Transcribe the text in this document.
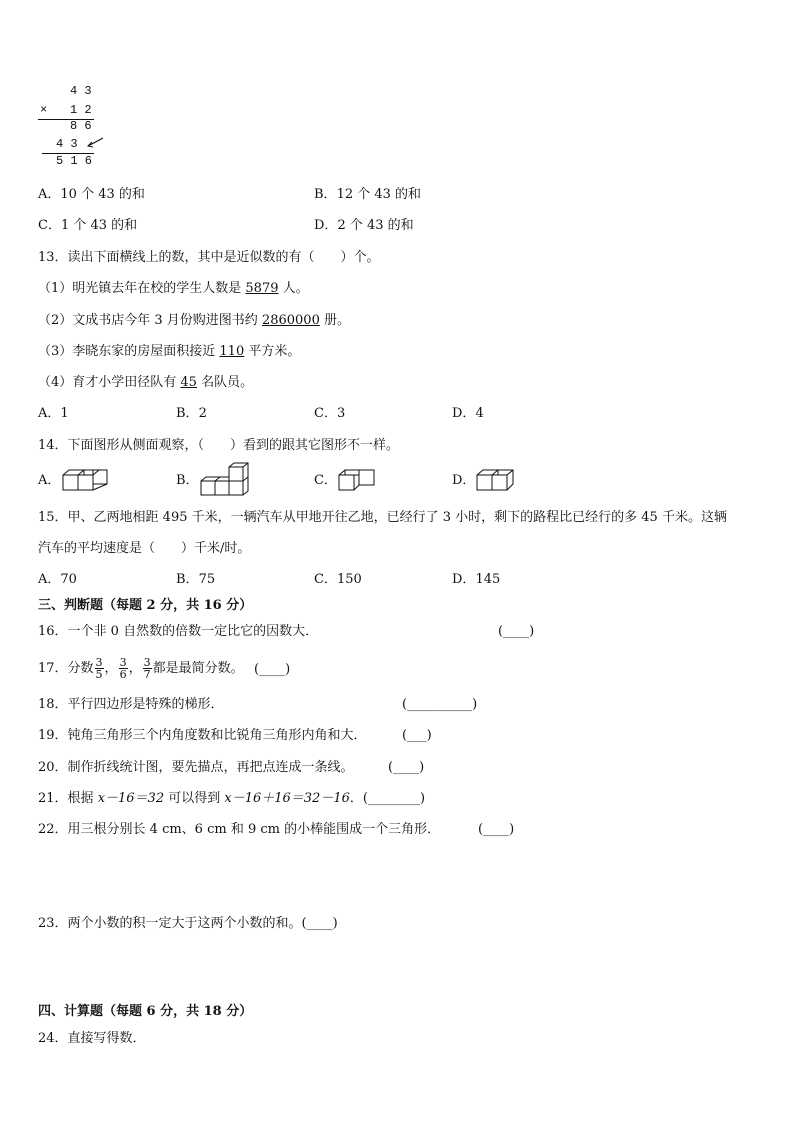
4 3
× 1 2
8 6
4 3
5 1 6
A．10 个 43 的和	B．12 个 43 的和
C．1 个 43 的和	D．2 个 43 的和
13．读出下面横线上的数，其中是近似数的有（　　）个。
（1）明光镇去年在校的学生人数是 5879 人。
（2）文成书店今年 3 月份购进图书约 2860000 册。
（3）李晓东家的房屋面积接近 110 平方米。
（4）育才小学田径队有 45 名队员。
A．1	B．2	C．3	D．4
14．下面图形从侧面观察，（　　）看到的跟其它图形不一样。
A．	B．	C．	D．
15．甲、乙两地相距 495 千米，一辆汽车从甲地开往乙地，已经行了 3 小时，剩下的路程比已经行的多 45 千米。这辆
汽车的平均速度是（　　）千米/时。
A．70	B．75	C．150	D．145
三、判断题（每题 2 分，共 16 分）
16．一个非 0 自然数的倍数一定比它的因数大．	(____)
17．分数 $\frac{3}{5}$ ， $\frac{3}{6}$ ， $\frac{3}{7}$ 都是最简分数。 (____)
18．平行四边形是特殊的梯形．	(__________)
19．钝角三角形三个内角度数和比锐角三角形内角和大．	(___)
20．制作折线统计图，要先描点，再把点连成一条线。	(____)
21．根据 x－16＝32 可以得到 x－16＋16＝32－16．(________)
22．用三根分别长 4 cm、6 cm 和 9 cm 的小棒能围成一个三角形．	(____)
23．两个小数的积一定大于这两个小数的和。(____)
四、计算题（每题 6 分，共 18 分）
24．直接写得数．
